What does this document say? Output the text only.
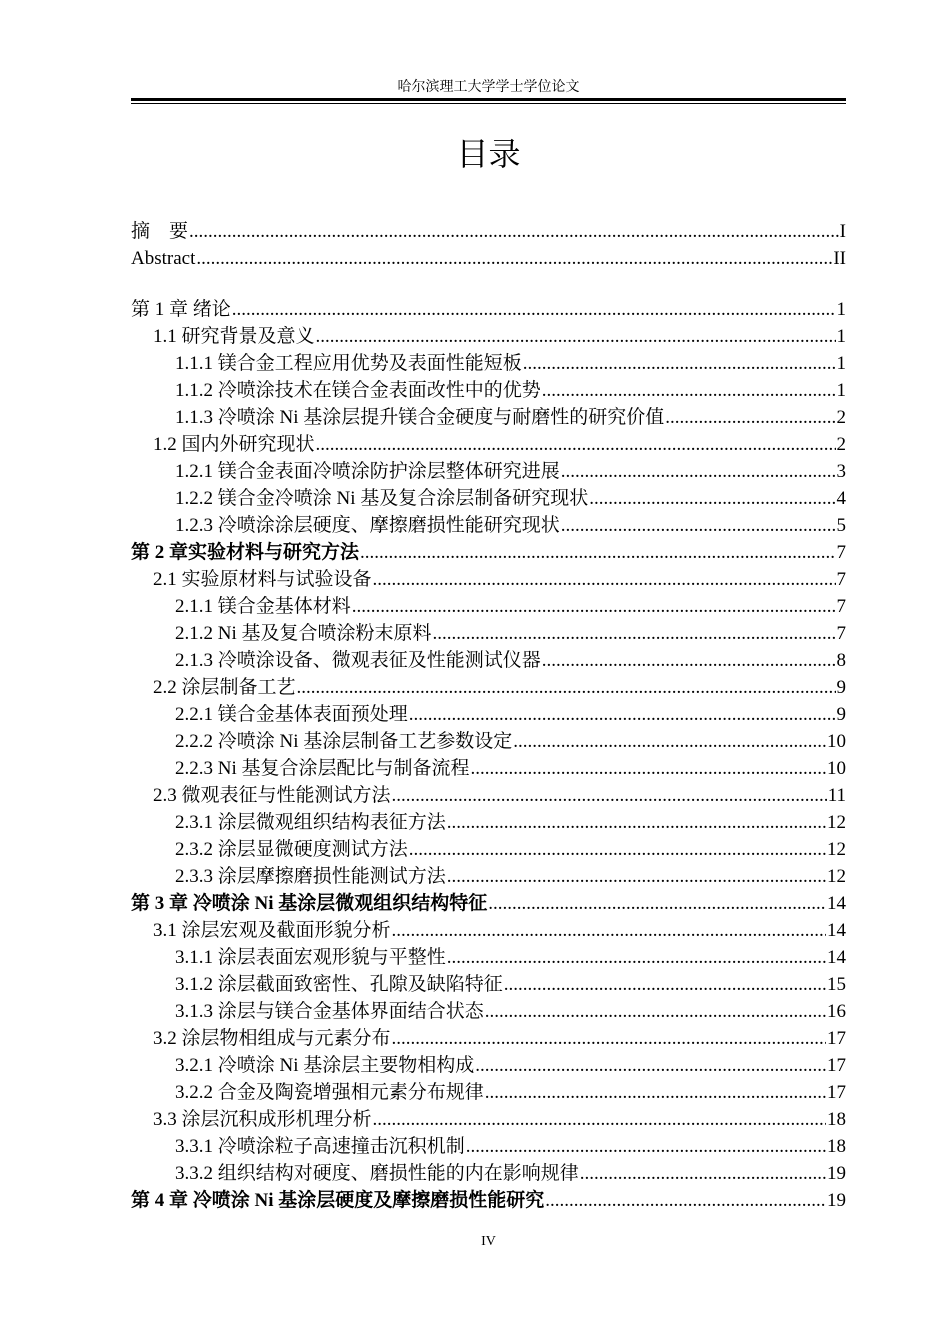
哈尔滨理工大学学士学位论文
目录
摘　要 .....	I
Abstract .....	II
第 1 章 绪论 .....	1
1.1 研究背景及意义 .....	1
1.1.1 镁合金工程应用优势及表面性能短板 .....	1
1.1.2 冷喷涂技术在镁合金表面改性中的优势 .....	1
1.1.3 冷喷涂 Ni 基涂层提升镁合金硬度与耐磨性的研究价值 .....	2
1.2 国内外研究现状 .....	2
1.2.1 镁合金表面冷喷涂防护涂层整体研究进展 .....	3
1.2.2 镁合金冷喷涂 Ni 基及复合涂层制备研究现状 .....	4
1.2.3 冷喷涂涂层硬度、摩擦磨损性能研究现状 .....	5
第 2 章实验材料与研究方法 .....	7
2.1 实验原材料与试验设备 .....	7
2.1.1 镁合金基体材料 .....	7
2.1.2 Ni 基及复合喷涂粉末原料 .....	7
2.1.3 冷喷涂设备、微观表征及性能测试仪器 .....	8
2.2 涂层制备工艺 .....	9
2.2.1 镁合金基体表面预处理 .....	9
2.2.2 冷喷涂 Ni 基涂层制备工艺参数设定 .....	10
2.2.3 Ni 基复合涂层配比与制备流程 .....	10
2.3 微观表征与性能测试方法 .....	11
2.3.1 涂层微观组织结构表征方法 .....	12
2.3.2 涂层显微硬度测试方法 .....	12
2.3.3 涂层摩擦磨损性能测试方法 .....	12
第 3 章 冷喷涂 Ni 基涂层微观组织结构特征 .....	14
3.1 涂层宏观及截面形貌分析 .....	14
3.1.1 涂层表面宏观形貌与平整性 .....	14
3.1.2 涂层截面致密性、孔隙及缺陷特征 .....	15
3.1.3 涂层与镁合金基体界面结合状态 .....	16
3.2 涂层物相组成与元素分布 .....	17
3.2.1 冷喷涂 Ni 基涂层主要物相构成 .....	17
3.2.2 合金及陶瓷增强相元素分布规律 .....	17
3.3 涂层沉积成形机理分析 .....	18
3.3.1 冷喷涂粒子高速撞击沉积机制 .....	18
3.3.2 组织结构对硬度、磨损性能的内在影响规律 .....	19
第 4 章 冷喷涂 Ni 基涂层硬度及摩擦磨损性能研究 .....	19
IV
